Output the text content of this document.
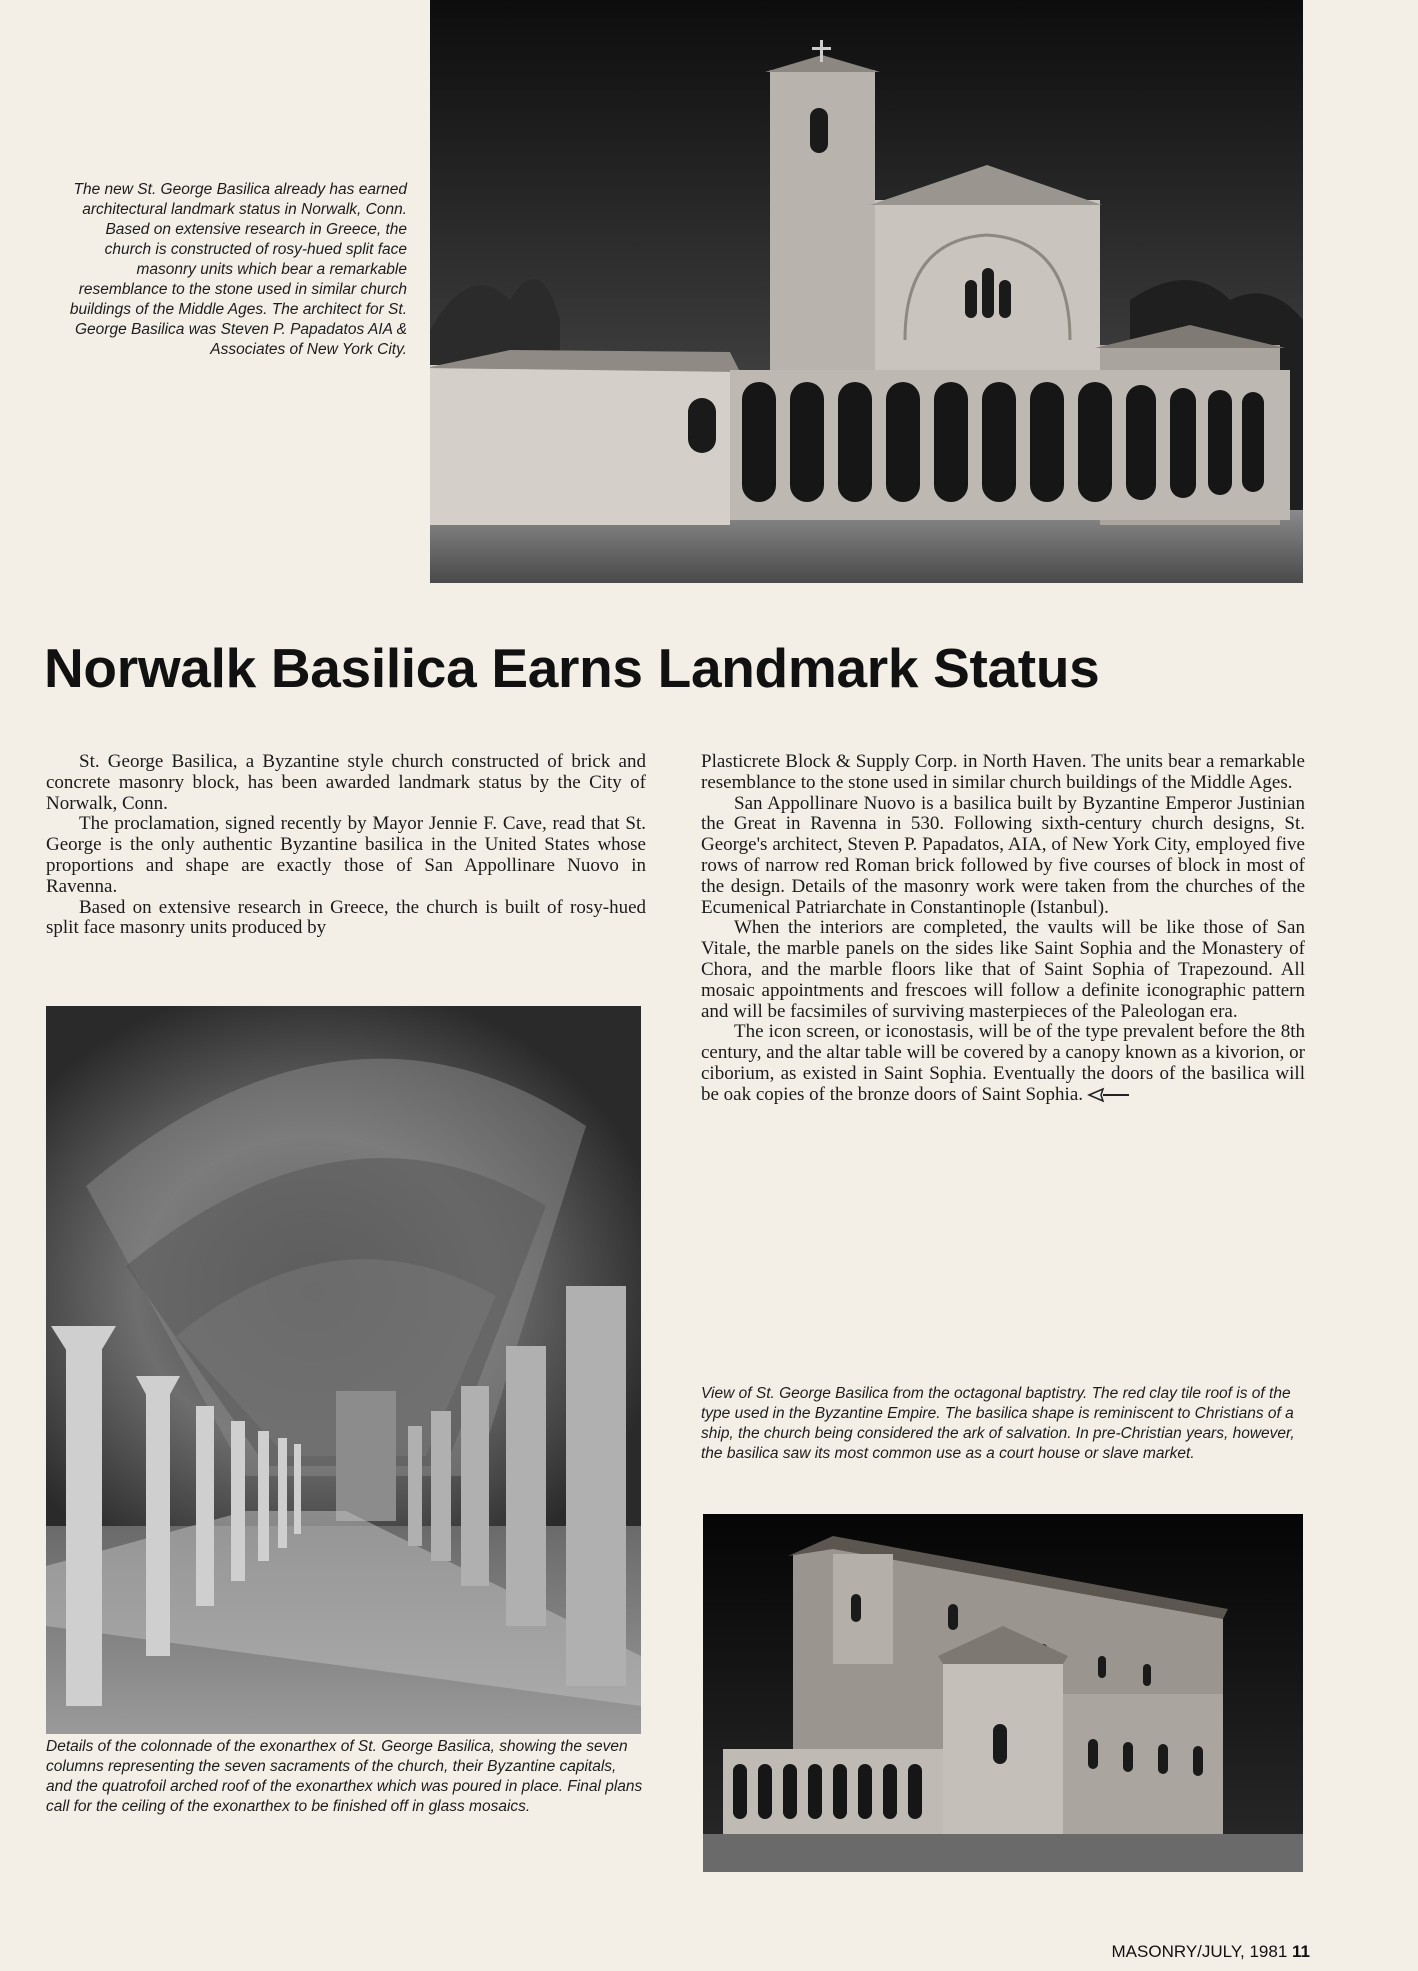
The new St. George Basilica already has earned architectural landmark status in Norwalk, Conn. Based on extensive research in Greece, the church is constructed of rosy-hued split face masonry units which bear a remarkable resemblance to the stone used in similar church buildings of the Middle Ages. The architect for St. George Basilica was Steven P. Papadatos AIA & Associates of New York City.

Norwalk Basilica Earns Landmark Status

St. George Basilica, a Byzantine style church constructed of brick and concrete masonry block, has been awarded landmark status by the City of Norwalk, Conn.

The proclamation, signed recently by Mayor Jennie F. Cave, read that St. George is the only authentic Byzantine basilica in the United States whose proportions and shape are exactly those of San Appollinare Nuovo in Ravenna.

Based on extensive research in Greece, the church is built of rosy-hued split face masonry units produced by

Plasticrete Block & Supply Corp. in North Haven. The units bear a remarkable resemblance to the stone used in similar church buildings of the Middle Ages.

San Appollinare Nuovo is a basilica built by Byzantine Emperor Justinian the Great in Ravenna in 530. Following sixth-century church designs, St. George's architect, Steven P. Papadatos, AIA, of New York City, employed five rows of narrow red Roman brick followed by five courses of block in most of the design. Details of the masonry work were taken from the churches of the Ecumenical Patriarchate in Constantinople (Istanbul).

When the interiors are completed, the vaults will be like those of San Vitale, the marble panels on the sides like Saint Sophia and the Monastery of Chora, and the marble floors like that of Saint Sophia of Trapezound. All mosaic appointments and frescoes will follow a definite iconographic pattern and will be facsimiles of surviving masterpieces of the Paleologan era.

The icon screen, or iconostasis, will be of the type prevalent before the 8th century, and the altar table will be covered by a canopy known as a kivorion, or ciborium, as existed in Saint Sophia. Eventually the doors of the basilica will be oak copies of the bronze doors of Saint Sophia.

Details of the colonnade of the exonarthex of St. George Basilica, showing the seven columns representing the seven sacraments of the church, their Byzantine capitals, and the quatrofoil arched roof of the exonarthex which was poured in place. Final plans call for the ceiling of the exonarthex to be finished off in glass mosaics.

View of St. George Basilica from the octagonal baptistry. The red clay tile roof is of the type used in the Byzantine Empire. The basilica shape is reminiscent to Christians of a ship, the church being considered the ark of salvation. In pre-Christian years, however, the basilica saw its most common use as a court house or slave market.

MASONRY/JULY, 1981 11
